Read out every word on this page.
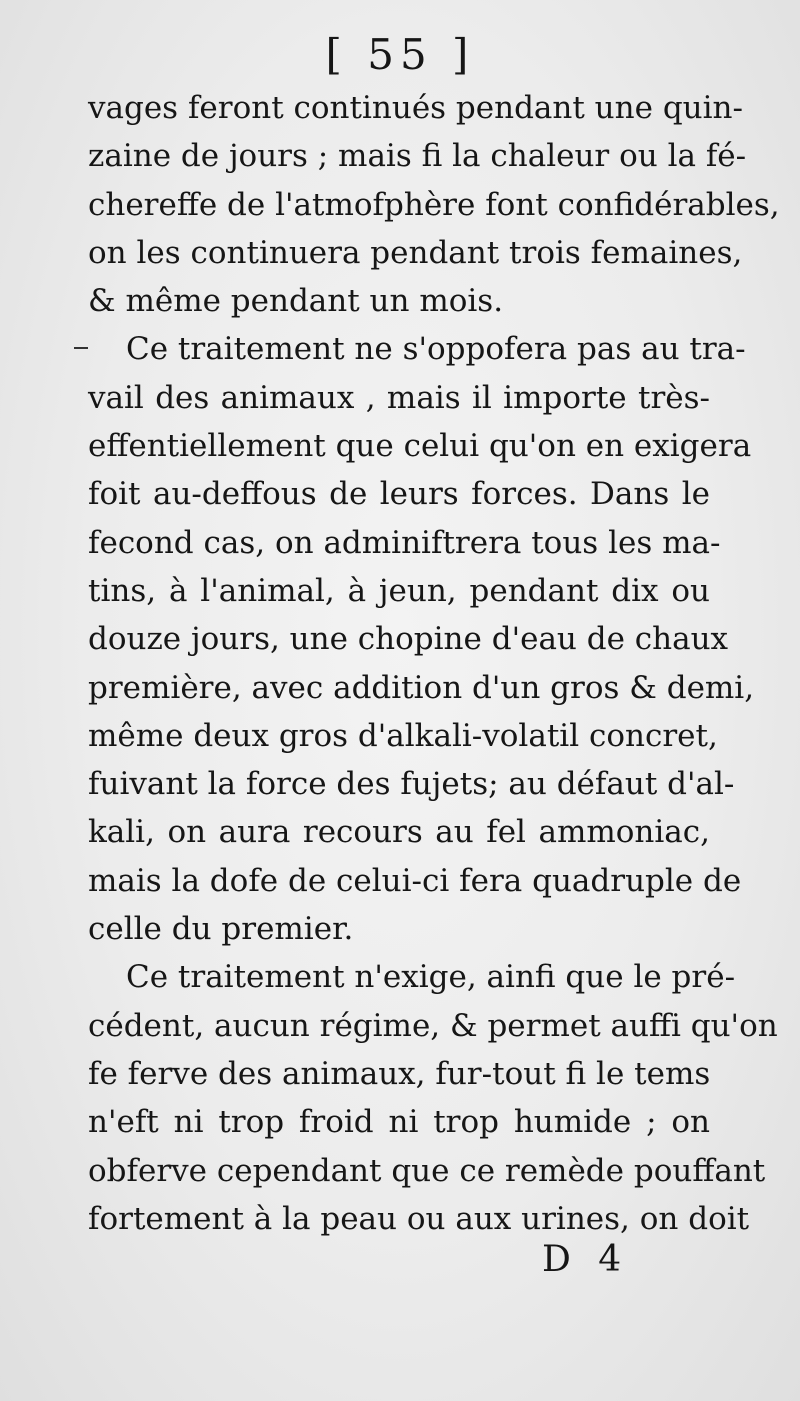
[ 55 ]
vages feront continués pendant une quin-
zaine de jours ; mais fi la chaleur ou la fé-
chereffe de l'atmofphère font confidérables,
on les continuera pendant trois femaines,
& même pendant un mois.
Ce traitement ne s'oppofera pas au tra-
vail des animaux , mais il importe très-
effentiellement que celui qu'on en exigera
foit au-deffous de leurs forces. Dans le
fecond cas, on adminiftrera tous les ma-
tins, à l'animal, à jeun, pendant dix ou
douze jours, une chopine d'eau de chaux
première, avec addition d'un gros & demi,
même deux gros d'alkali-volatil concret,
fuivant la force des fujets; au défaut d'al-
kali, on aura recours au fel ammoniac,
mais la dofe de celui-ci fera quadruple de
celle du premier.
Ce traitement n'exige, ainfi que le pré-
cédent, aucun régime, & permet auffi qu'on
fe ferve des animaux, fur-tout fi le tems
n'eft ni trop froid ni trop humide ; on
obferve cependant que ce remède pouffant
fortement à la peau ou aux urines, on doit
D 4
